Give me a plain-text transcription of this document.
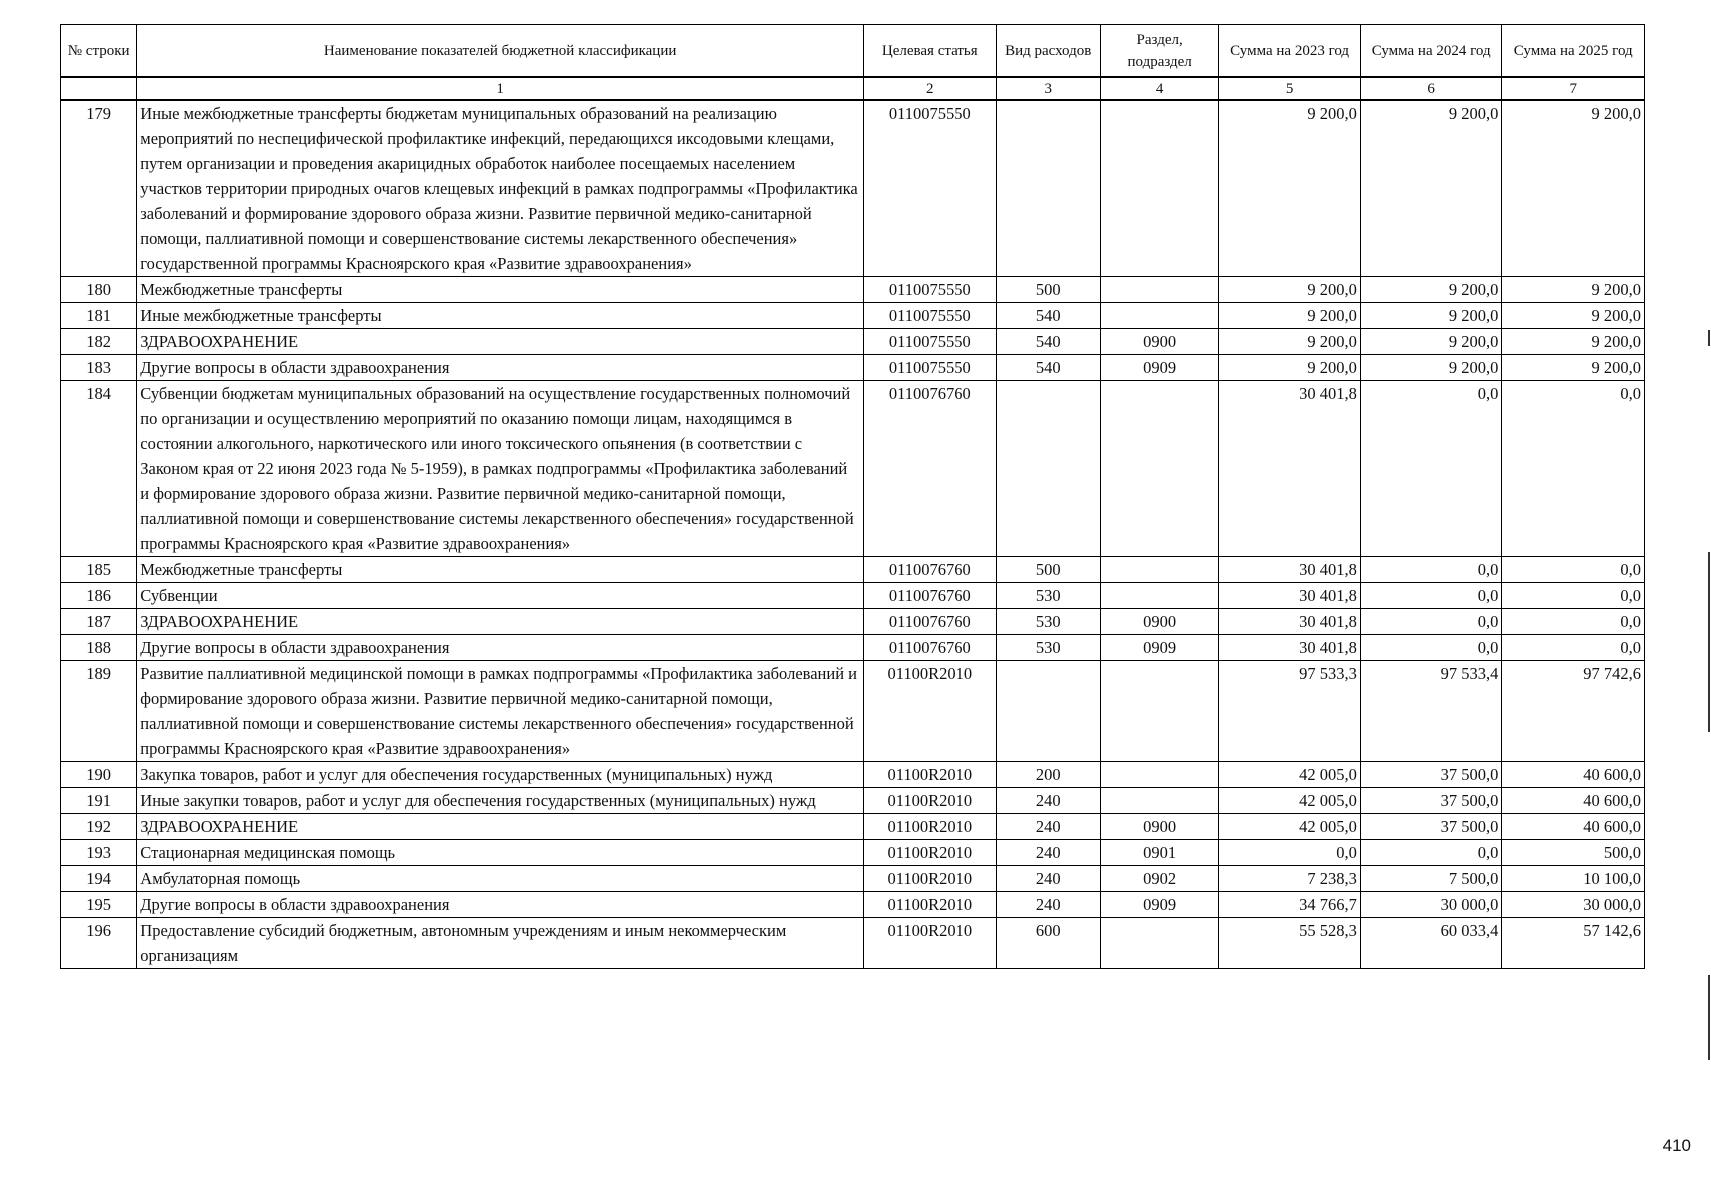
№ строки	Наименование показателей бюджетной классификации	Целевая статья	Вид расходов	Раздел, подраздел	Сумма на 2023 год	Сумма на 2024 год	Сумма на 2025 год
	1	2	3	4	5	6	7
179	Иные межбюджетные трансферты бюджетам муниципальных образований на реализацию мероприятий по неспецифической профилактике инфекций, передающихся иксодовыми клещами, путем организации и проведения акарицидных обработок наиболее посещаемых населением участков территории природных очагов клещевых инфекций в рамках подпрограммы «Профилактика заболеваний и формирование здорового образа жизни. Развитие первичной медико-санитарной помощи, паллиативной помощи и совершенствование системы лекарственного обеспечения» государственной программы Красноярского края «Развитие здравоохранения»	0110075550			9 200,0	9 200,0	9 200,0
180	Межбюджетные трансферты	0110075550	500		9 200,0	9 200,0	9 200,0
181	Иные межбюджетные трансферты	0110075550	540		9 200,0	9 200,0	9 200,0
182	ЗДРАВООХРАНЕНИЕ	0110075550	540	0900	9 200,0	9 200,0	9 200,0
183	Другие вопросы в области здравоохранения	0110075550	540	0909	9 200,0	9 200,0	9 200,0
184	Субвенции бюджетам муниципальных образований на осуществление государственных полномочий по организации и осуществлению мероприятий по оказанию помощи лицам, находящимся в состоянии алкогольного, наркотического или иного токсического опьянения (в соответствии с Законом края от 22 июня 2023 года № 5-1959), в рамках подпрограммы «Профилактика заболеваний и формирование здорового образа жизни. Развитие первичной медико-санитарной помощи, паллиативной помощи и совершенствование системы лекарственного обеспечения» государственной программы Красноярского края «Развитие здравоохранения»	0110076760			30 401,8	0,0	0,0
185	Межбюджетные трансферты	0110076760	500		30 401,8	0,0	0,0
186	Субвенции	0110076760	530		30 401,8	0,0	0,0
187	ЗДРАВООХРАНЕНИЕ	0110076760	530	0900	30 401,8	0,0	0,0
188	Другие вопросы в области здравоохранения	0110076760	530	0909	30 401,8	0,0	0,0
189	Развитие паллиативной медицинской помощи в рамках подпрограммы «Профилактика заболеваний и формирование здорового образа жизни. Развитие первичной медико-санитарной помощи, паллиативной помощи и совершенствование системы лекарственного обеспечения» государственной программы Красноярского края «Развитие здравоохранения»	01100R2010			97 533,3	97 533,4	97 742,6
190	Закупка товаров, работ и услуг для обеспечения государственных (муниципальных) нужд	01100R2010	200		42 005,0	37 500,0	40 600,0
191	Иные закупки товаров, работ и услуг для обеспечения государственных (муниципальных) нужд	01100R2010	240		42 005,0	37 500,0	40 600,0
192	ЗДРАВООХРАНЕНИЕ	01100R2010	240	0900	42 005,0	37 500,0	40 600,0
193	Стационарная медицинская помощь	01100R2010	240	0901	0,0	0,0	500,0
194	Амбулаторная помощь	01100R2010	240	0902	7 238,3	7 500,0	10 100,0
195	Другие вопросы в области здравоохранения	01100R2010	240	0909	34 766,7	30 000,0	30 000,0
196	Предоставление субсидий бюджетным, автономным учреждениям и иным некоммерческим организациям	01100R2010	600		55 528,3	60 033,4	57 142,6
410
